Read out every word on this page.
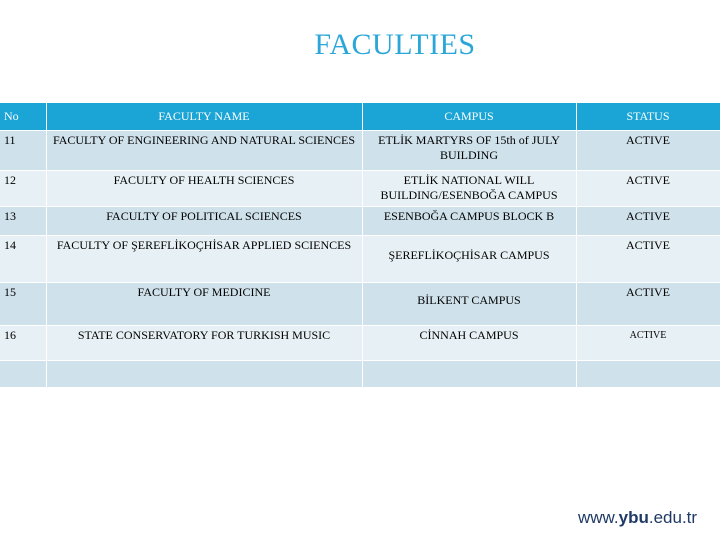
FACULTIES
No	FACULTY NAME	CAMPUS	STATUS
11	FACULTY OF ENGINEERING AND NATURAL SCIENCES	ETLİK MARTYRS OF 15th of JULY BUILDING	ACTIVE
12	FACULTY OF HEALTH SCIENCES	ETLİK NATIONAL WILL BUILDING/ESENBOĞA CAMPUS	ACTIVE
13	FACULTY OF POLITICAL SCIENCES	ESENBOĞA CAMPUS BLOCK B	ACTIVE
14	FACULTY OF ŞEREFLİKOÇHİSAR APPLIED SCIENCES	ŞEREFLİKOÇHİSAR CAMPUS	ACTIVE
15	FACULTY OF MEDICINE	BİLKENT CAMPUS	ACTIVE
16	STATE CONSERVATORY FOR TURKISH MUSIC	CİNNAH CAMPUS	ACTIVE

www.ybu.edu.tr
